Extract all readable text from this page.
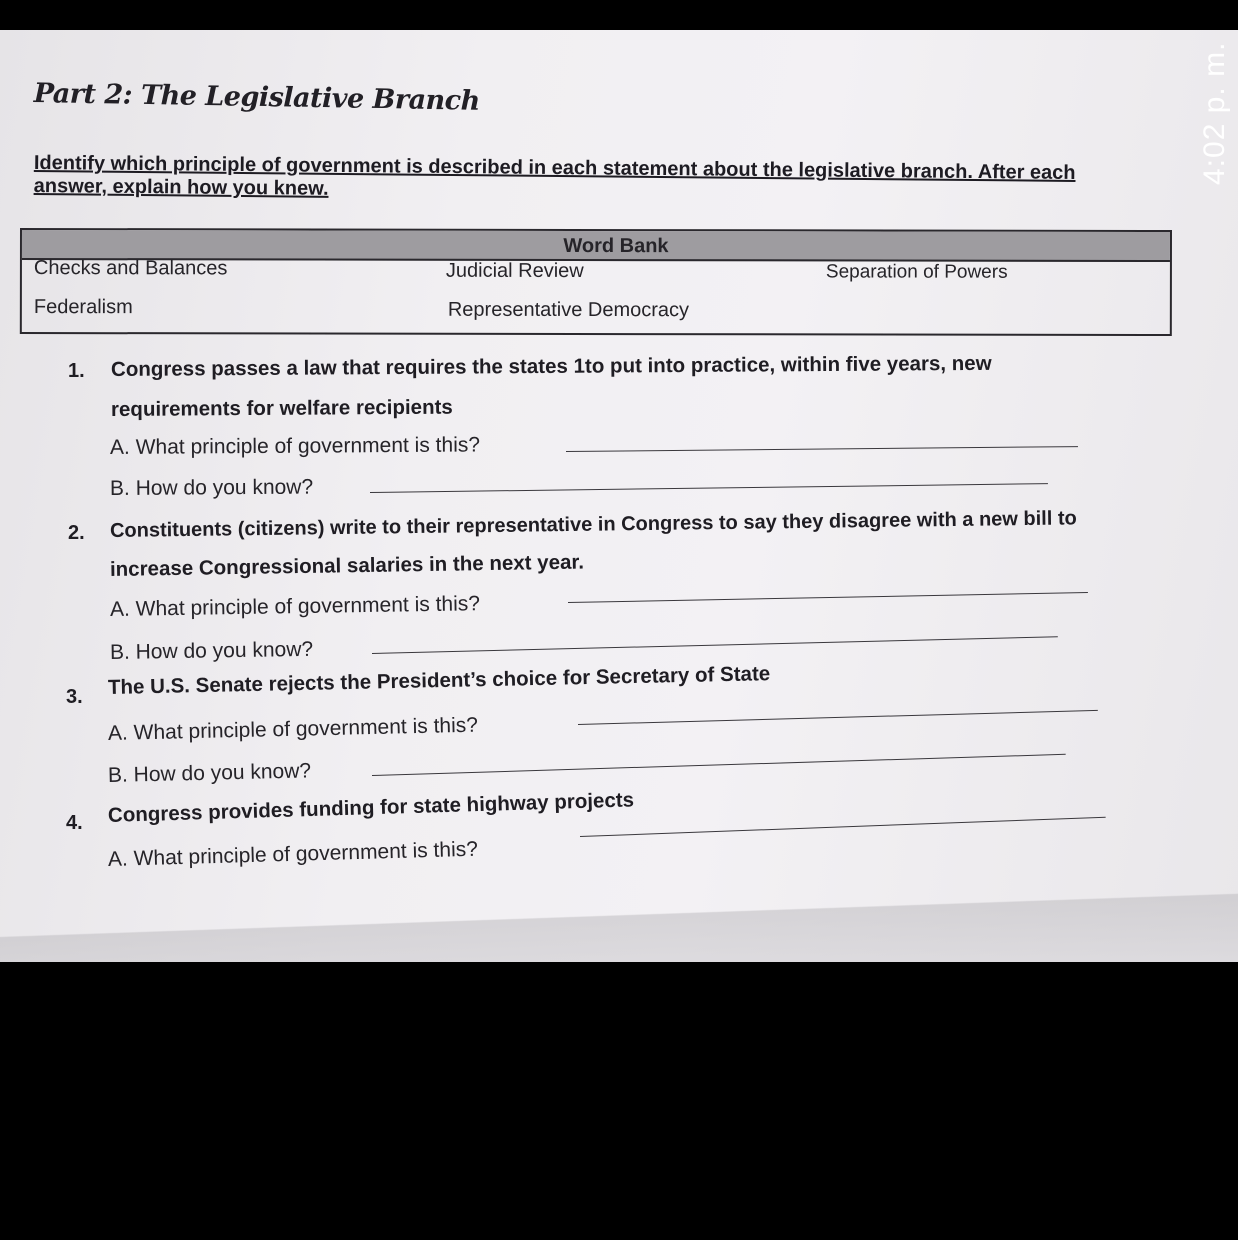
Part 2: The Legislative Branch
Identify which principle of government is described in each statement about the legislative branch. After each answer, explain how you knew.
Word Bank
Checks and Balances	Judicial Review	Separation of Powers
Federalism	Representative Democracy
1. Congress passes a law that requires the states 1to put into practice, within five years, new
requirements for welfare recipients
A. What principle of government is this?
B. How do you know?
2. Constituents (citizens) write to their representative in Congress to say they disagree with a new bill to
increase Congressional salaries in the next year.
A. What principle of government is this?
B. How do you know?
3. The U.S. Senate rejects the President’s choice for Secretary of State
A. What principle of government is this?
B. How do you know?
4. Congress provides funding for state highway projects
A. What principle of government is this?
4:02 p. m.
